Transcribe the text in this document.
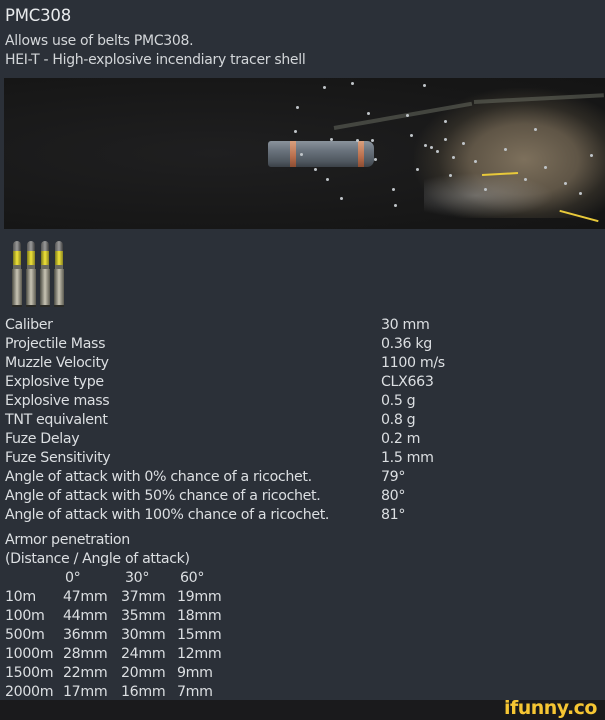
PMC308
Allows use of belts PMC308.
HEI-T - High-explosive incendiary tracer shell
Caliber	30 mm
Projectile Mass	0.36 kg
Muzzle Velocity	1100 m/s
Explosive type	CLX663
Explosive mass	0.5 g
TNT equivalent	0.8 g
Fuze Delay	0.2 m
Fuze Sensitivity	1.5 mm
Angle of attack with 0% chance of a ricochet.	79°
Angle of attack with 50% chance of a ricochet.	80°
Angle of attack with 100% chance of a ricochet.	81°
Armor penetration
(Distance / Angle of attack)
0°	30° 60°
10m 47mm 37mm 19mm
100m 44mm 35mm 18mm
500m 36mm 30mm 15mm
1000m 28mm 24mm 12mm
1500m 22mm 20mm 9mm
2000m 17mm 16mm 7mm
ifunny.co
